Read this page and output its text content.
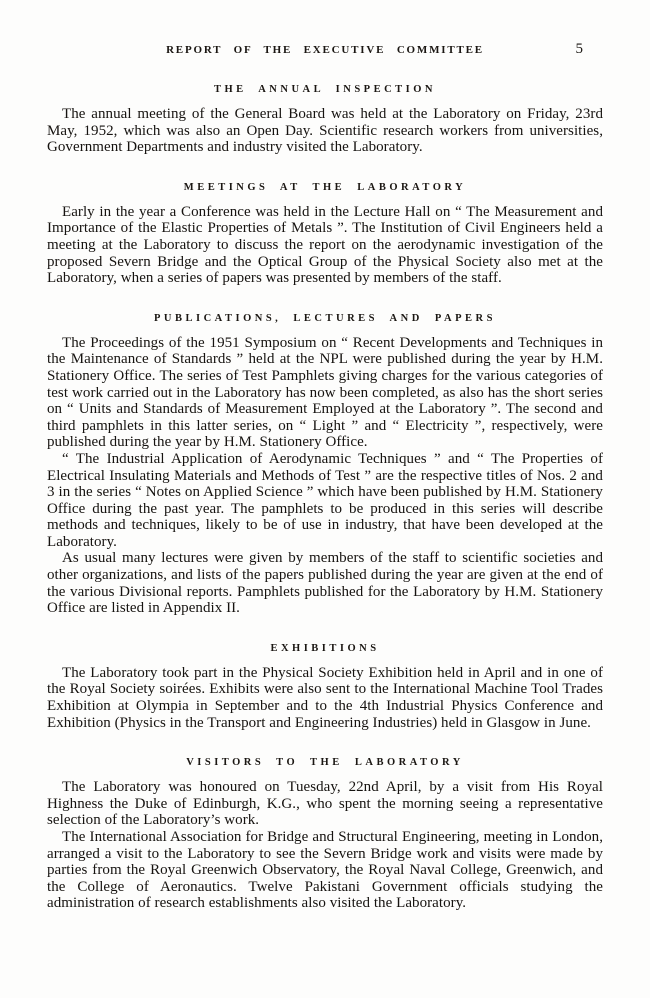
REPORT OF THE EXECUTIVE COMMITTEE	5
THE ANNUAL INSPECTION

The annual meeting of the General Board was held at the Laboratory on Friday, 23rd May, 1952, which was also an Open Day. Scientific research workers from universities, Government Departments and industry visited the Laboratory.

MEETINGS AT THE LABORATORY

Early in the year a Conference was held in the Lecture Hall on “ The Measurement and Importance of the Elastic Properties of Metals ”. The Institution of Civil Engineers held a meeting at the Laboratory to discuss the report on the aerodynamic investigation of the proposed Severn Bridge and the Optical Group of the Physical Society also met at the Laboratory, when a series of papers was presented by members of the staff.

PUBLICATIONS, LECTURES AND PAPERS

The Proceedings of the 1951 Symposium on “ Recent Developments and Techniques in the Maintenance of Standards ” held at the NPL were published during the year by H.M. Stationery Office. The series of Test Pamphlets giving charges for the various categories of test work carried out in the Laboratory has now been completed, as also has the short series on “ Units and Standards of Measurement Employed at the Laboratory ”. The second and third pamphlets in this latter series, on “ Light ” and “ Electricity ”, respectively, were published during the year by H.M. Stationery Office.

“ The Industrial Application of Aerodynamic Techniques ” and “ The Properties of Electrical Insulating Materials and Methods of Test ” are the respective titles of Nos. 2 and 3 in the series “ Notes on Applied Science ” which have been published by H.M. Stationery Office during the past year. The pamphlets to be produced in this series will describe methods and techniques, likely to be of use in industry, that have been developed at the Laboratory.

As usual many lectures were given by members of the staff to scientific societies and other organizations, and lists of the papers published during the year are given at the end of the various Divisional reports. Pamphlets published for the Laboratory by H.M. Stationery Office are listed in Appendix II.

EXHIBITIONS

The Laboratory took part in the Physical Society Exhibition held in April and in one of the Royal Society soirées. Exhibits were also sent to the International Machine Tool Trades Exhibition at Olympia in September and to the 4th Industrial Physics Conference and Exhibition (Physics in the Transport and Engineering Industries) held in Glasgow in June.

VISITORS TO THE LABORATORY

The Laboratory was honoured on Tuesday, 22nd April, by a visit from His Royal Highness the Duke of Edinburgh, K.G., who spent the morning seeing a representative selection of the Laboratory’s work.

The International Association for Bridge and Structural Engineering, meeting in London, arranged a visit to the Laboratory to see the Severn Bridge work and visits were made by parties from the Royal Greenwich Observatory, the Royal Naval College, Greenwich, and the College of Aeronautics. Twelve Pakistani Government officials studying the administration of research establishments also visited the Laboratory.
